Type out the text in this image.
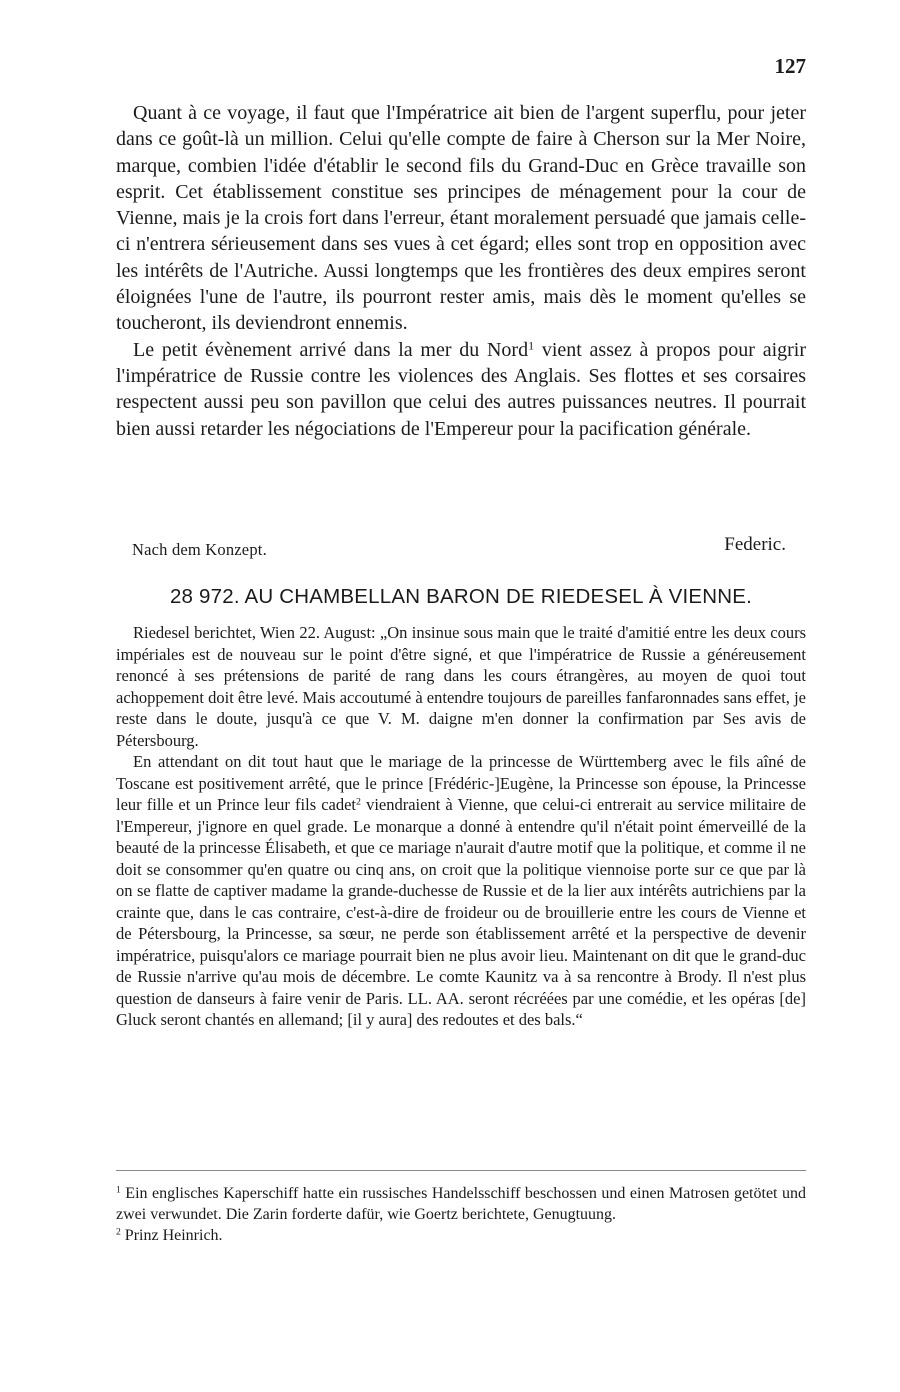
127

Quant à ce voyage, il faut que l'Impératrice ait bien de l'argent superflu, pour jeter dans ce goût-là un million. Celui qu'elle compte de faire à Cherson sur la Mer Noire, marque, combien l'idée d'établir le second fils du Grand-Duc en Grèce travaille son esprit. Cet établissement constitue ses principes de ménagement pour la cour de Vienne, mais je la crois fort dans l'erreur, étant moralement persuadé que jamais celle-ci n'entrera sérieusement dans ses vues à cet égard; elles sont trop en opposition avec les intérêts de l'Autriche. Aussi longtemps que les frontières des deux empires seront éloignées l'une de l'autre, ils pourront rester amis, mais dès le moment qu'elles se toucheront, ils deviendront ennemis.

Le petit évènement arrivé dans la mer du Nord$^1$ vient assez à propos pour aigrir l'impératrice de Russie contre les violences des Anglais. Ses flottes et ses corsaires respectent aussi peu son pavillon que celui des autres puissances neutres. Il pourrait bien aussi retarder les négociations de l'Empereur pour la pacification générale.

Nach dem Konzept.	Federic.
28 972. AU CHAMBELLAN BARON DE RIEDESEL À VIENNE.

Riedesel berichtet, Wien 22. August: „On insinue sous main que le traité d'amitié entre les deux cours impériales est de nouveau sur le point d'être signé, et que l'impératrice de Russie a généreusement renoncé à ses prétensions de parité de rang dans les cours étrangères, au moyen de quoi tout achoppement doit être levé. Mais accoutumé à entendre toujours de pareilles fanfaronnades sans effet, je reste dans le doute, jusqu'à ce que V. M. daigne m'en donner la confirmation par Ses avis de Pétersbourg.

En attendant on dit tout haut que le mariage de la princesse de Württemberg avec le fils aîné de Toscane est positivement arrêté, que le prince [Frédéric-]Eugène, la Princesse son épouse, la Princesse leur fille et un Prince leur fils cadet$^2$ viendraient à Vienne, que celui-ci entrerait au service militaire de l'Empereur, j'ignore en quel grade. Le monarque a donné à entendre qu'il n'était point émerveillé de la beauté de la princesse Élisabeth, et que ce mariage n'aurait d'autre motif que la politique, et comme il ne doit se consommer qu'en quatre ou cinq ans, on croit que la politique viennoise porte sur ce que par là on se flatte de captiver madame la grande-duchesse de Russie et de la lier aux intérêts autrichiens par la crainte que, dans le cas contraire, c'est-à-dire de froideur ou de brouillerie entre les cours de Vienne et de Pétersbourg, la Princesse, sa sœur, ne perde son établissement arrêté et la perspective de devenir impératrice, puisqu'alors ce mariage pourrait bien ne plus avoir lieu. Maintenant on dit que le grand-duc de Russie n'arrive qu'au mois de décembre. Le comte Kaunitz va à sa rencontre à Brody. Il n'est plus question de danseurs à faire venir de Paris. LL. AA. seront récréées par une comédie, et les opéras [de] Gluck seront chantés en allemand; [il y aura] des redoutes et des bals.“

$^1$ Ein englisches Kaperschiff hatte ein russisches Handelsschiff beschossen und einen Matrosen getötet und zwei verwundet. Die Zarin forderte dafür, wie Goertz berichtete, Genugtuung.

$^2$ Prinz Heinrich.
